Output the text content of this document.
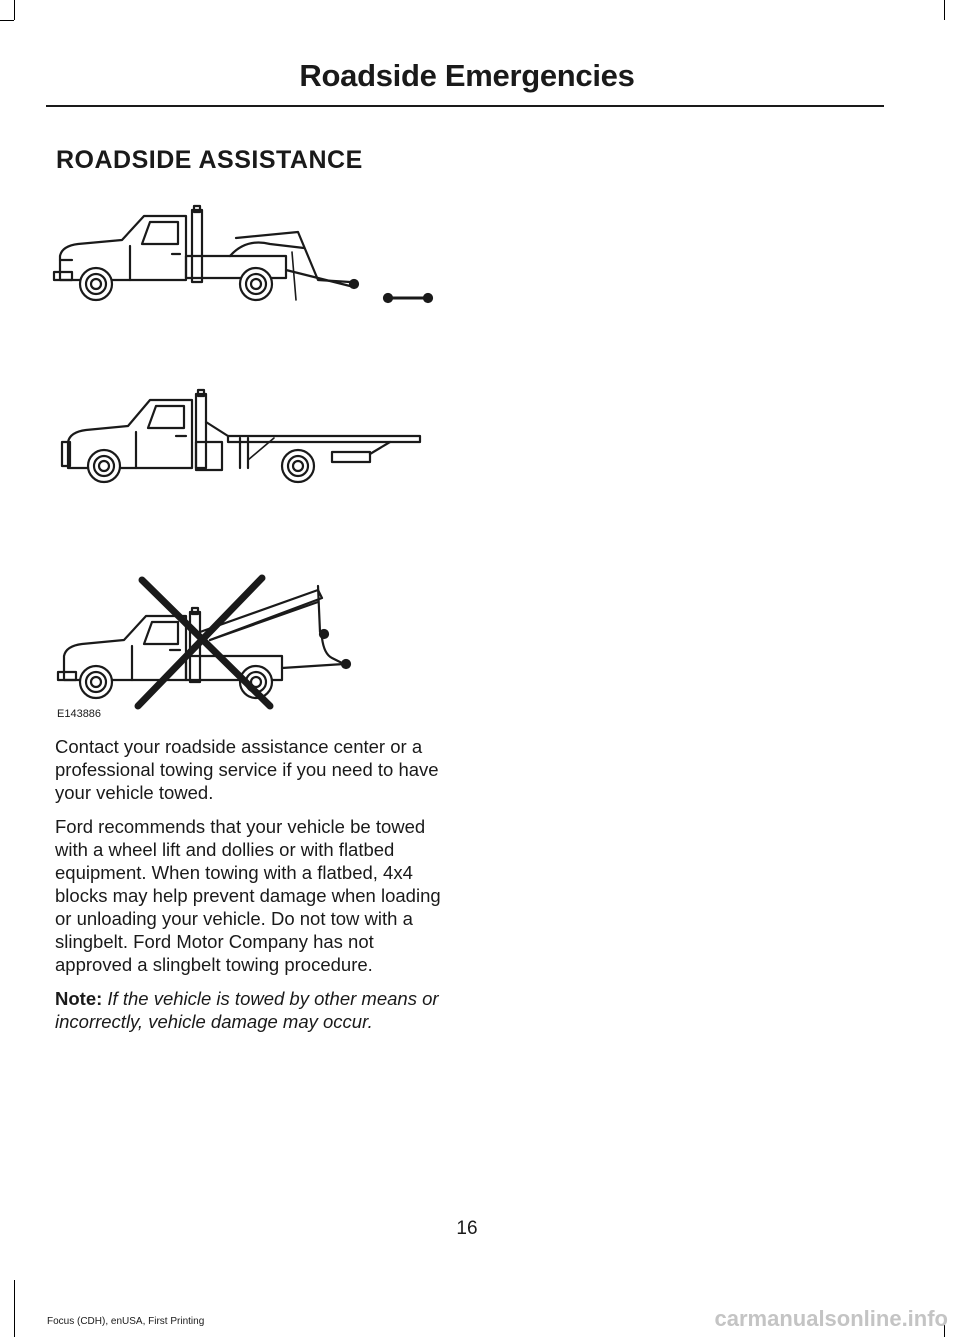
Roadside Emergencies
ROADSIDE ASSISTANCE
E143886

Contact your roadside assistance center or a professional towing service if you need to have your vehicle towed.

Ford recommends that your vehicle be towed with a wheel lift and dollies or with flatbed equipment. When towing with a flatbed, 4x4 blocks may help prevent damage when loading or unloading your vehicle. Do not tow with a slingbelt. Ford Motor Company has not approved a slingbelt towing procedure.

Note: If the vehicle is towed by other means or incorrectly, vehicle damage may occur.

16
Focus (CDH), enUSA, First Printing	carmanualsonline.info
